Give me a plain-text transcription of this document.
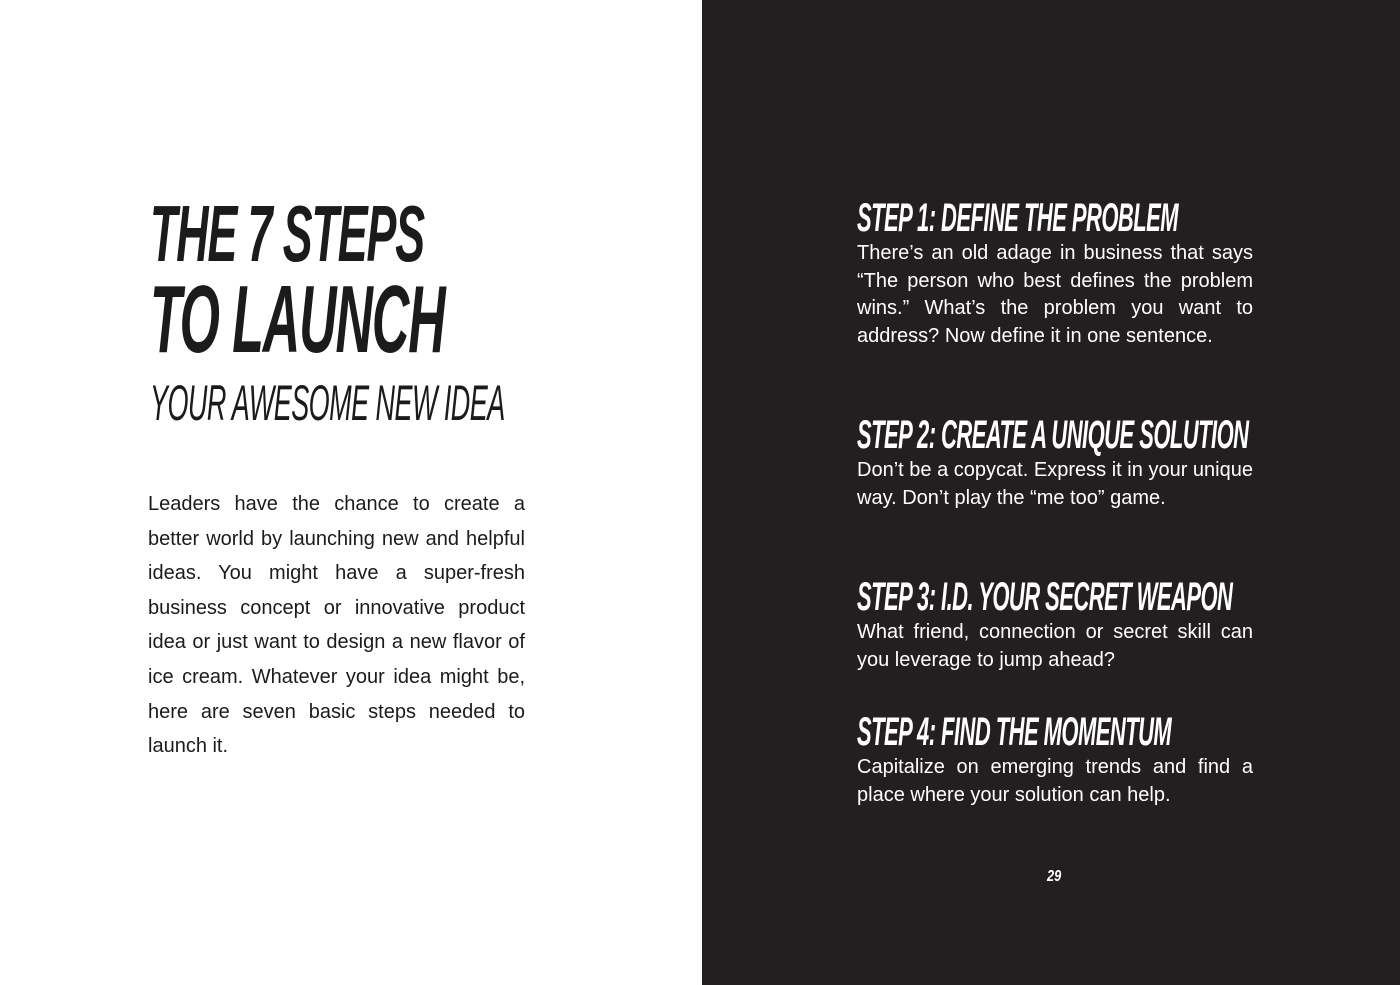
THE 7 STEPS
TO LAUNCH
YOUR AWESOME NEW IDEA

Leaders have the chance to create a better world by launching new and helpful ideas. You might have a super-fresh business concept or innovative product idea or just want to design a new flavor of ice cream. Whatever your idea might be, here are seven basic steps needed to launch it.

STEP 1: DEFINE THE PROBLEM

There’s an old adage in business that says “The person who best defines the problem wins.” What’s the problem you want to address? Now define it in one sentence.

STEP 2: CREATE A UNIQUE SOLUTION

Don’t be a copycat. Express it in your unique way. Don’t play the “me too” game.

STEP 3: I.D. YOUR SECRET WEAPON

What friend, connection or secret skill can you leverage to jump ahead?

STEP 4: FIND THE MOMENTUM

Capitalize on emerging trends and find a place where your solution can help.

29
